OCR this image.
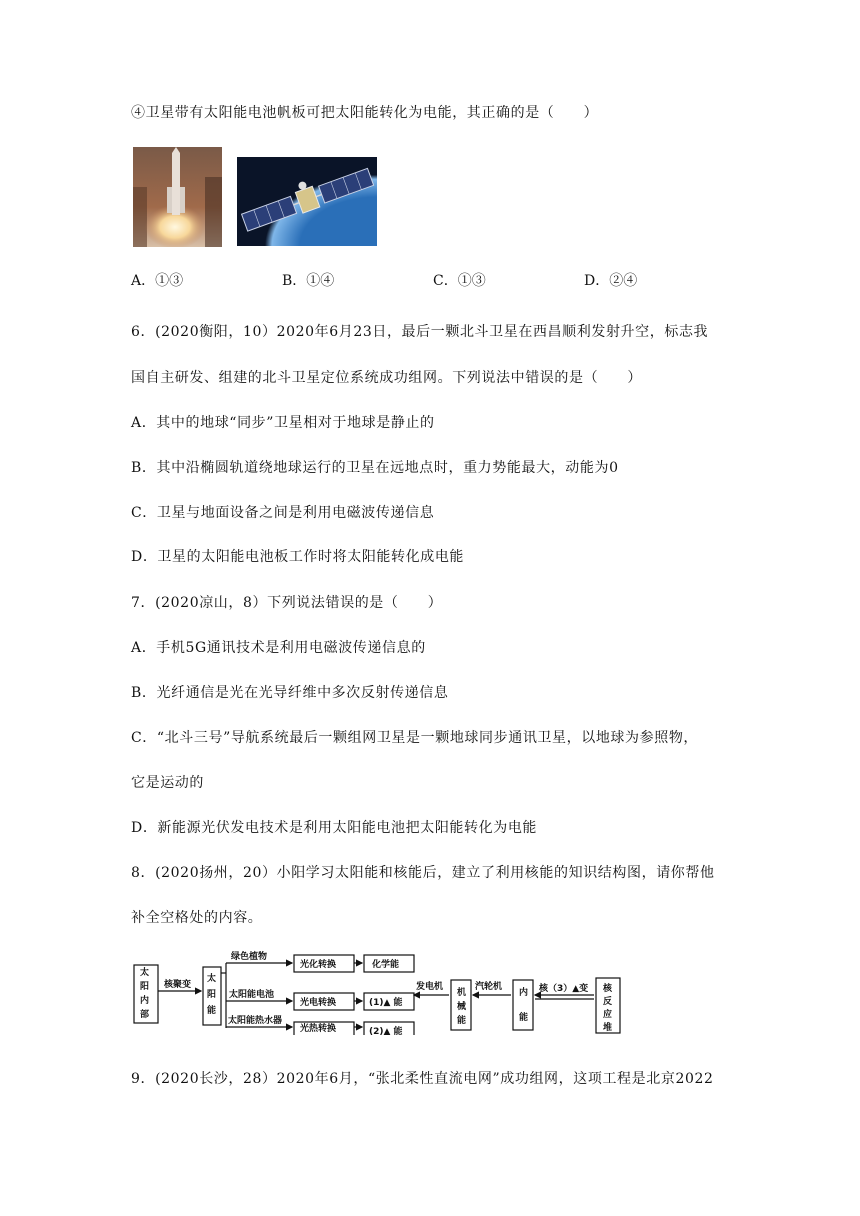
④卫星带有太阳能电池帆板可把太阳能转化为电能，其正确的是（　　）
A．①③	B．①④	C．①③	D．②④
6．(2020衡阳，10）2020年6月23日，最后一颗北斗卫星在西昌顺利发射升空，标志我
国自主研发、组建的北斗卫星定位系统成功组网。下列说法中错误的是（　　）
A．其中的地球“同步”卫星相对于地球是静止的
B．其中沿椭圆轨道绕地球运行的卫星在远地点时，重力势能最大，动能为0
C．卫星与地面设备之间是利用电磁波传递信息
D．卫星的太阳能电池板工作时将太阳能转化成电能
7．(2020凉山，8）下列说法错误的是（　　）
A．手机5G通讯技术是利用电磁波传递信息的
B．光纤通信是光在光导纤维中多次反射传递信息
C．“北斗三号”导航系统最后一颗组网卫星是一颗地球同步通讯卫星，以地球为参照物，
它是运动的
D．新能源光伏发电技术是利用太阳能电池把太阳能转化为电能
8．(2020扬州，20）小阳学习太阳能和核能后，建立了利用核能的知识结构图，请你帮他
补全空格处的内容。
太
阳
内
部
核聚变
太
阳
能
绿色植物
太阳能电池
太阳能热水器
光化转换
光电转换
光热转换
化学能
(1)▲ 能
(2)▲ 能
发电机
机
械
能
汽轮机
内
能
核（3）▲变 核
反
应
堆
9．(2020长沙，28）2020年6月，“张北柔性直流电网”成功组网，这项工程是北京2022
